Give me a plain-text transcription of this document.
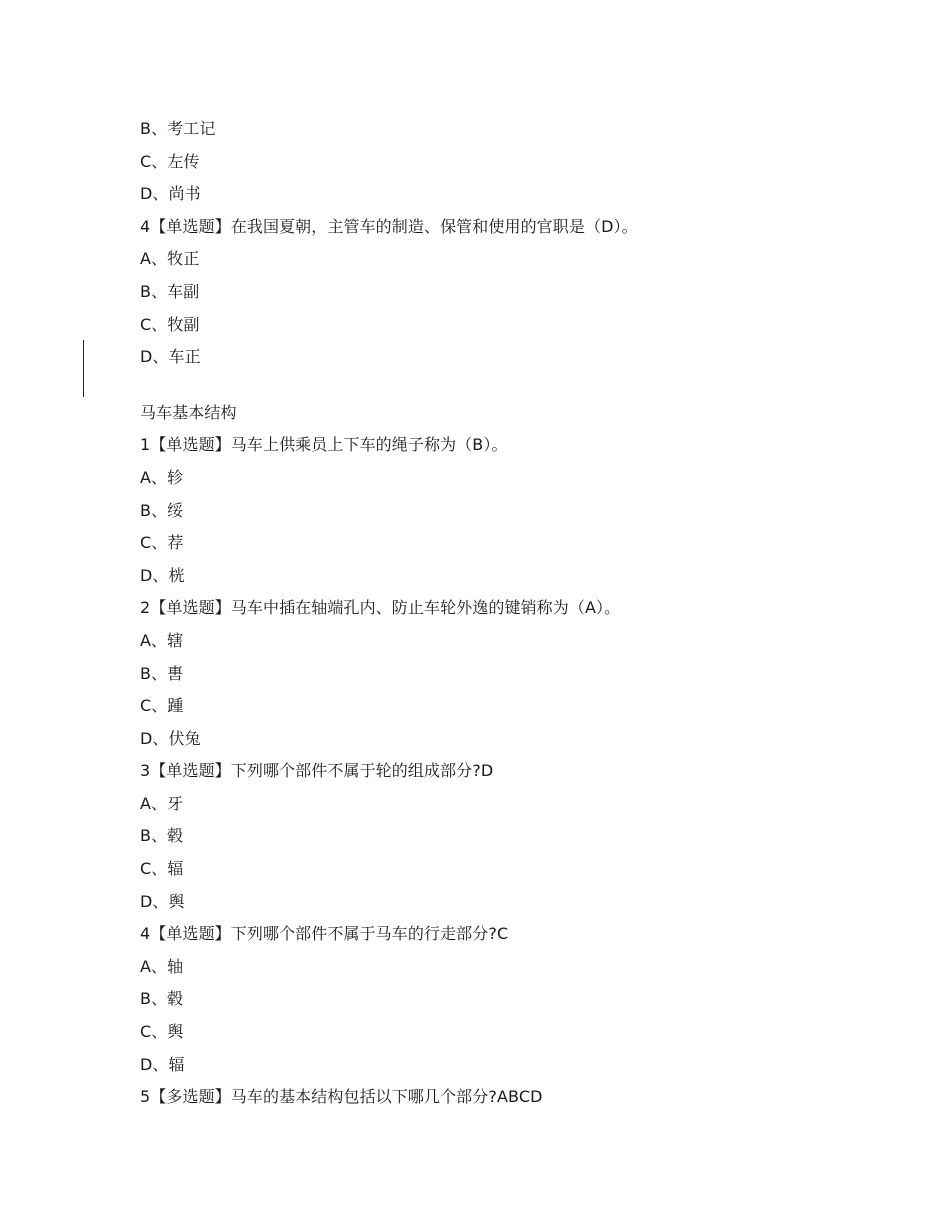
B、考工记
C、左传
D、尚书
4【单选题】在我国夏朝，主管车的制造、保管和使用的官职是（D）。
A、牧正
B、车副
C、牧副
D、车正
马车基本结构
1【单选题】马车上供乘员上下车的绳子称为（B）。
A、轸
B、绥
C、荐
D、桄
2【单选题】马车中插在轴端孔内、防止车轮外逸的键销称为（A）。
A、辖
B、軎
C、踵
D、伏兔
3【单选题】下列哪个部件不属于轮的组成部分?D
A、牙
B、毂
C、辐
D、舆
4【单选题】下列哪个部件不属于马车的行走部分?C
A、轴
B、毂
C、舆
D、辐
5【多选题】马车的基本结构包括以下哪几个部分?ABCD
